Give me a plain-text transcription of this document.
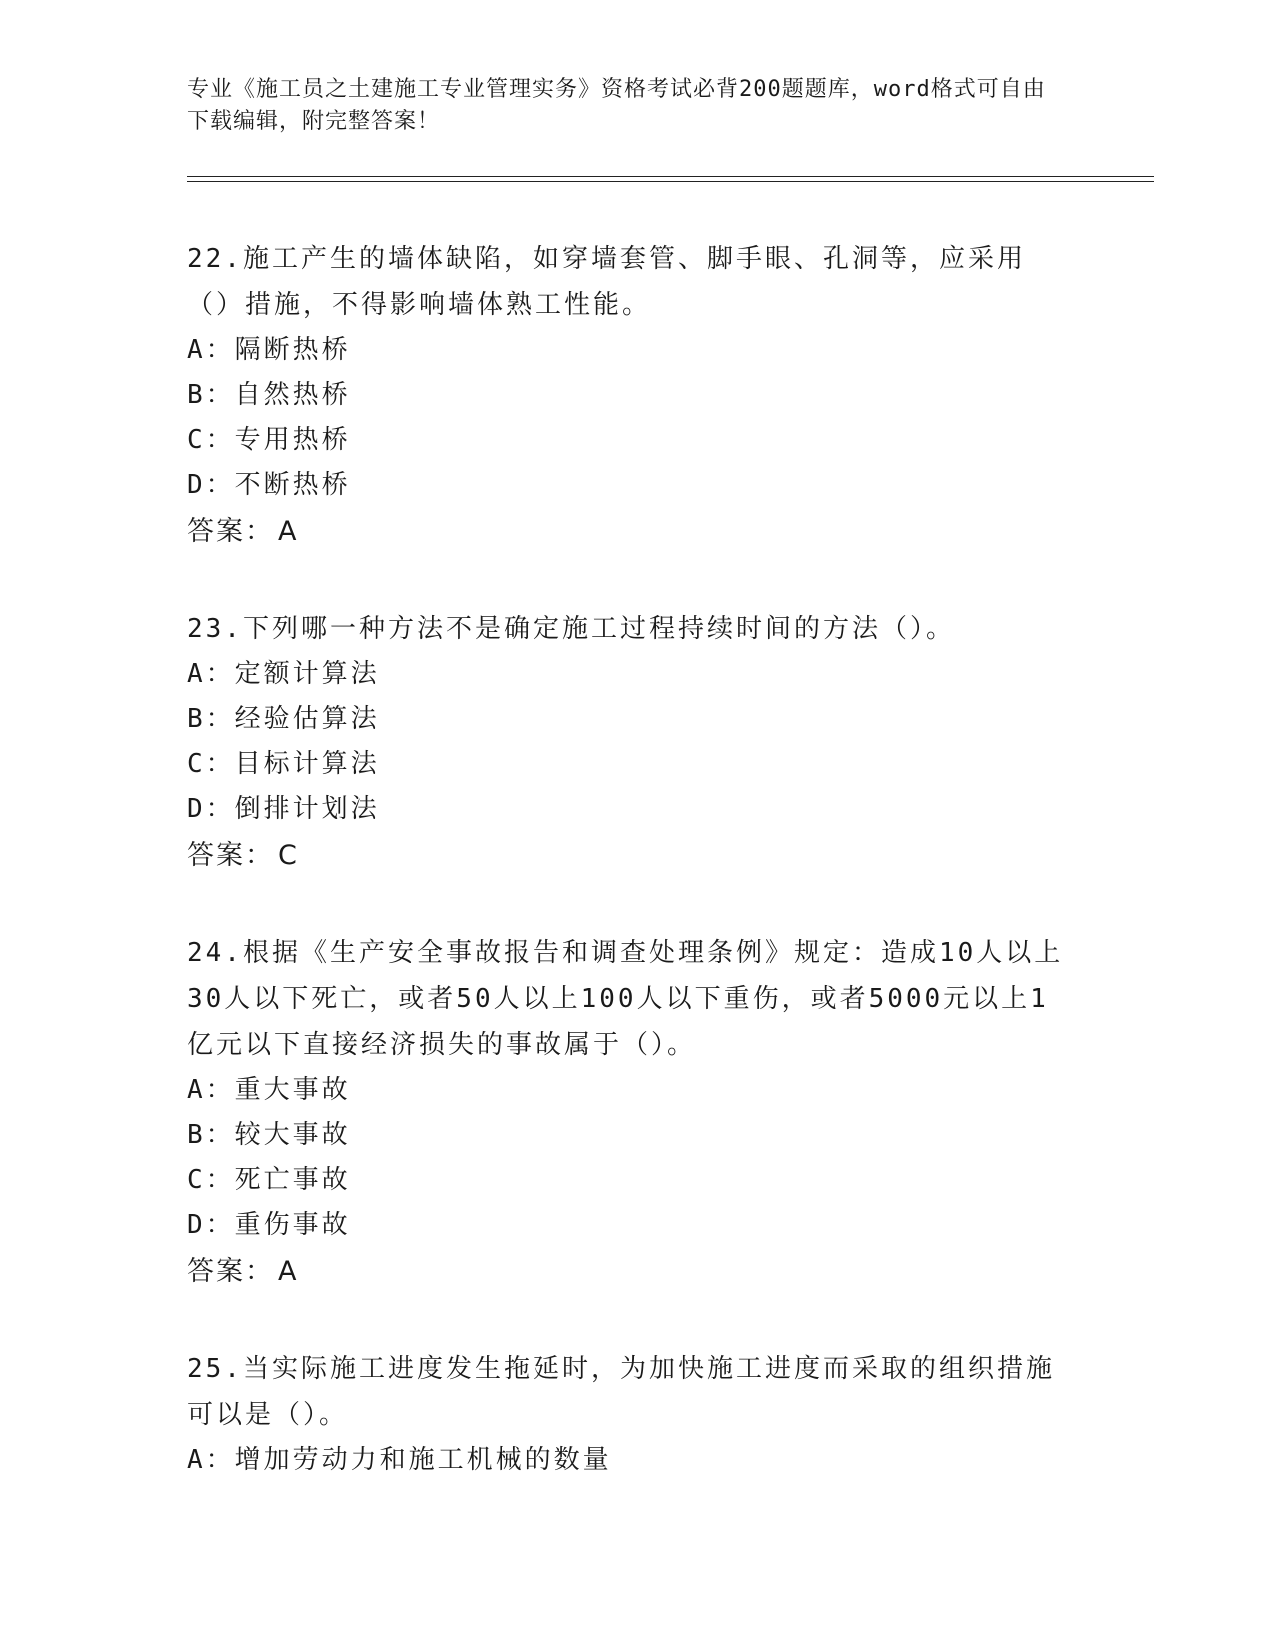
专业《施工员之土建施工专业管理实务》资格考试必背200题题库，word格式可自由下载编辑，附完整答案！

22.施工产生的墙体缺陷，如穿墙套管、脚手眼、孔洞等，应采用（）措施，不得影响墙体熟工性能。

A：隔断热桥

B：自然热桥

C：专用热桥

D：不断热桥

答案： A

23.下列哪一种方法不是确定施工过程持续时间的方法（）。

A：定额计算法

B：经验估算法

C：目标计算法

D：倒排计划法

答案： C

24.根据《生产安全事故报告和调查处理条例》规定：造成10人以上30人以下死亡，或者50人以上100人以下重伤，或者5000元以上1亿元以下直接经济损失的事故属于（）。

A：重大事故

B：较大事故

C：死亡事故

D：重伤事故

答案： A

25.当实际施工进度发生拖延时，为加快施工进度而采取的组织措施可以是（）。

A：增加劳动力和施工机械的数量
